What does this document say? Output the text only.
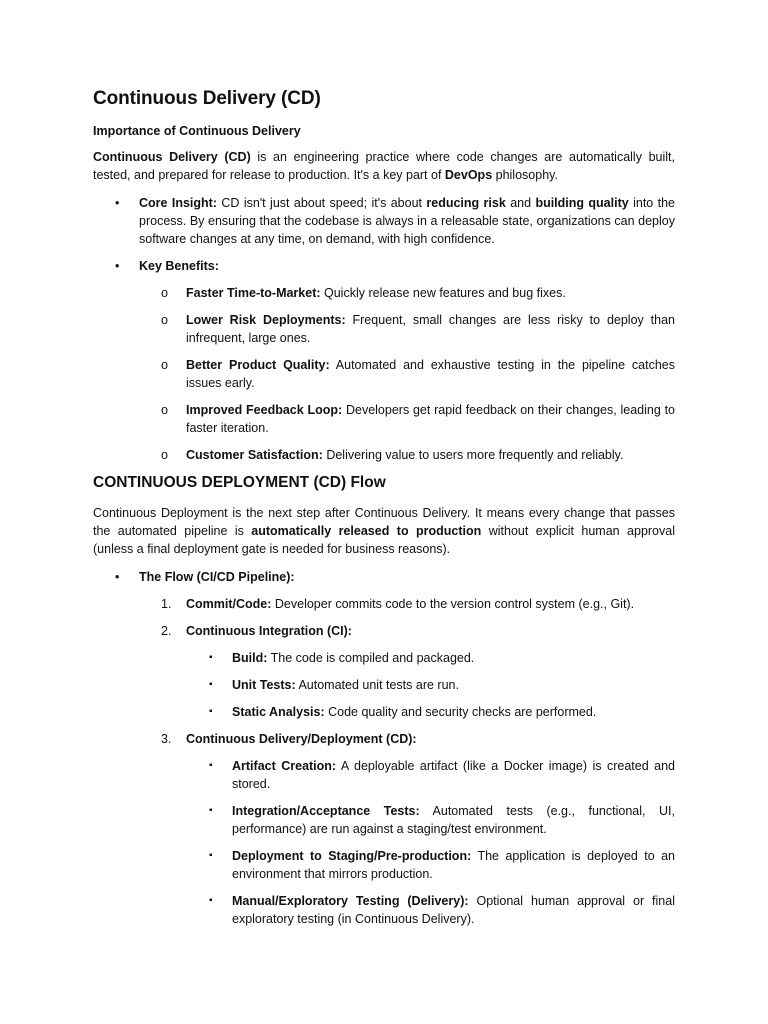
Continuous Delivery (CD)

Importance of Continuous Delivery

Continuous Delivery (CD) is an engineering practice where code changes are automatically built, tested, and prepared for release to production. It's a key part of DevOps philosophy.

•	Core Insight: CD isn't just about speed; it's about reducing risk and building quality into the process. By ensuring that the codebase is always in a releasable state, organizations can deploy software changes at any time, on demand, with high confidence.
•	Key Benefits:
o Faster Time-to-Market: Quickly release new features and bug fixes.
o Lower Risk Deployments: Frequent, small changes are less risky to deploy than infrequent, large ones.
o Better Product Quality: Automated and exhaustive testing in the pipeline catches issues early.
o Improved Feedback Loop: Developers get rapid feedback on their changes, leading to faster iteration.
o Customer Satisfaction: Delivering value to users more frequently and reliably.

CONTINUOUS DEPLOYMENT (CD) Flow

Continuous Deployment is the next step after Continuous Delivery. It means every change that passes the automated pipeline is automatically released to production without explicit human approval (unless a final deployment gate is needed for business reasons).

•	The Flow (CI/CD Pipeline):
1. Commit/Code: Developer commits code to the version control system (e.g., Git).
2. Continuous Integration (CI):
▪ Build: The code is compiled and packaged.
▪ Unit Tests: Automated unit tests are run.
▪ Static Analysis: Code quality and security checks are performed.
3. Continuous Delivery/Deployment (CD):
▪ Artifact Creation: A deployable artifact (like a Docker image) is created and stored.
▪ Integration/Acceptance Tests: Automated tests (e.g., functional, UI, performance) are run against a staging/test environment.
▪ Deployment to Staging/Pre-production: The application is deployed to an environment that mirrors production.
▪ Manual/Exploratory Testing (Delivery): Optional human approval or final exploratory testing (in Continuous Delivery).
